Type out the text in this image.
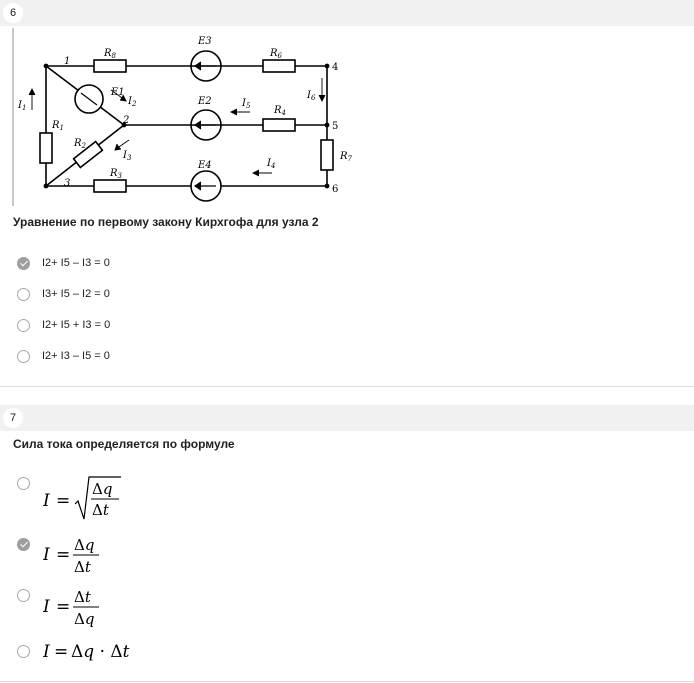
6
1
2
3
4
5
6
$R_8$
E3
$R_6$
E1
E2
$R_4$
E4
$R_3$
$R_1$
$R_2$
$R_7$
$I_1$
$I_2$
$I_3$	$I_4$
$I_5$
$I_6$
Уравнение по первому закону Кирхгофа для узла 2
I2+ I5 – I3 = 0
I3+ I5 – I2 = 0
I2+ I5 + I3 = 0
I2+ I3 – I5 = 0
7
Сила тока определяется по формуле
I =
Δq
Δt
I = Δq
Δt
I = Δt
Δq
I = Δq · Δt
